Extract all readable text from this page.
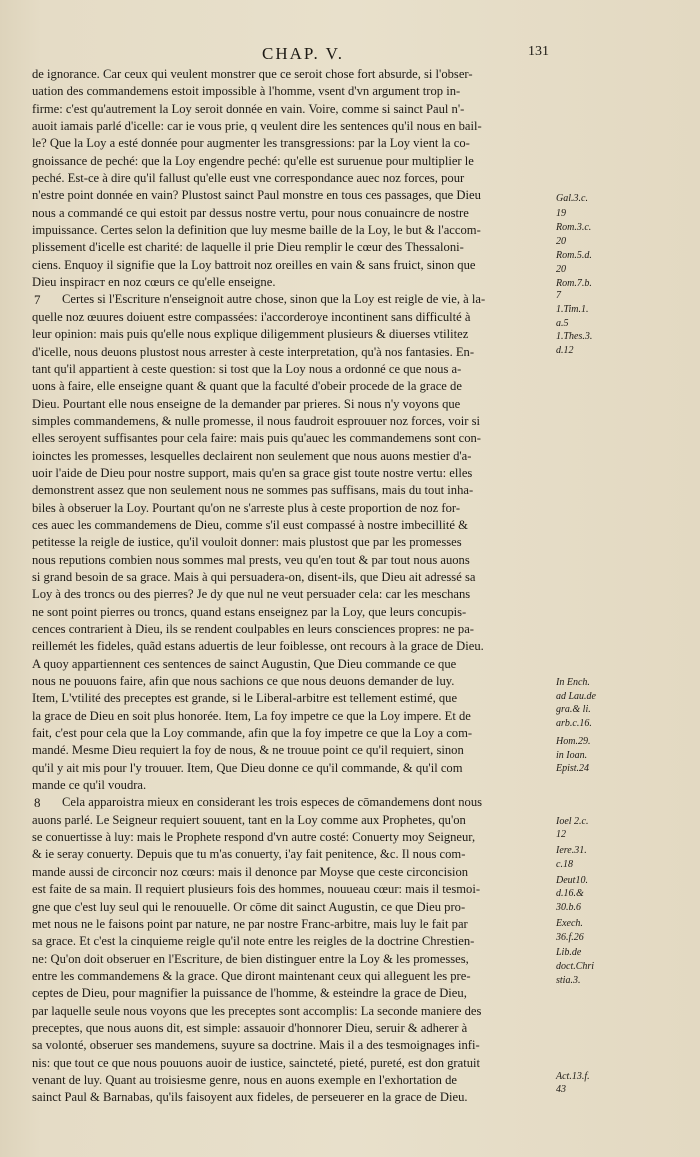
CHAP. V.	131
de ignorance. Car ceux qui veulent monstrer que ce seroit chose fort absurde, si l'obser-
uation des commandemens estoit impossible à l'homme, vsent d'vn argument trop in-
firme: c'est qu'autrement la Loy seroit donnée en vain. Voire, comme si sainct Paul n'-
auoit iamais parlé d'icelle: car ie vous prie, q veulent dire les sentences qu'il nous en bail-
le? Que la Loy a esté donnée pour augmenter les transgressions: par la Loy vient la co-
gnoissance de peché: que la Loy engendre peché: qu'elle est suruenue pour multiplier le
peché. Est-ce à dire qu'il fallust qu'elle eust vne correspondance auec noz forces, pour
n'estre point donnée en vain? Plustost sainct Paul monstre en tous ces passages, que Dieu
nous a commandé ce qui estoit par dessus nostre vertu, pour nous conuaincre de nostre
impuissance. Certes selon la definition que luy mesme baille de la Loy, le but & l'accom-
plissement d'icelle est charité: de laquelle il prie Dieu remplir le cœur des Thessaloni-
ciens. Enquoy il signifie que la Loy battroit noz oreilles en vain & sans fruict, sinon que
Dieu inspiraст en noz cœurs ce qu'elle enseigne.
Certes si l'Escriture n'enseignoit autre chose, sinon que la Loy est reigle de vie, à la-
quelle noz œuures doiuent estre compassées: i'accorderoye incontinent sans difficulté à
leur opinion: mais puis qu'elle nous explique diligemment plusieurs & diuerses vtilitez
d'icelle, nous deuons plustost nous arrester à ceste interpretation, qu'à nos fantasies. En-
tant qu'il appartient à ceste question: si tost que la Loy nous a ordonné ce que nous a-
uons à faire, elle enseigne quant & quant que la faculté d'obeir procede de la grace de
Dieu. Pourtant elle nous enseigne de la demander par prieres. Si nous n'y voyons que
simples commandemens, & nulle promesse, il nous faudroit esprouuer noz forces, voir si
elles seroyent suffisantes pour cela faire: mais puis qu'auec les commandemens sont con-
ioinctes les promesses, lesquelles declairent non seulement que nous auons mestier d'a-
uoir l'aide de Dieu pour nostre support, mais qu'en sa grace gist toute nostre vertu: elles
demonstrent assez que non seulement nous ne sommes pas suffisans, mais du tout inha-
biles à obseruer la Loy. Pourtant qu'on ne s'arreste plus à ceste proportion de noz for-
ces auec les commandemens de Dieu, comme s'il eust compassé à nostre imbecillité &
petitesse la reigle de iustice, qu'il vouloit donner: mais plustost que par les promesses
nous reputions combien nous sommes mal prests, veu qu'en tout & par tout nous auons
si grand besoin de sa grace. Mais à qui persuadera-on, disent-ils, que Dieu ait adressé sa
Loy à des troncs ou des pierres? Je dy que nul ne veut persuader cela: car les meschans
ne sont point pierres ou troncs, quand estans enseignez par la Loy, que leurs concupis-
cences contrarient à Dieu, ils se rendent coulpables en leurs consciences propres: ne pa-
reillemét les fideles, quãd estans aduertis de leur foiblesse, ont recours à la grace de Dieu.
A quoy appartiennent ces sentences de sainct Augustin, Que Dieu commande ce que
nous ne pouuons faire, afin que nous sachions ce que nous deuons demander de luy.
Item, L'vtilité des preceptes est grande, si le Liberal-arbitre est tellement estimé, que
la grace de Dieu en soit plus honorée. Item, La foy impetre ce que la Loy impere. Et de
fait, c'est pour cela que la Loy commande, afin que la foy impetre ce que la Loy a com-
mandé. Mesme Dieu requiert la foy de nous, & ne trouue point ce qu'il requiert, sinon
qu'il y ait mis pour l'y trouuer. Item, Que Dieu donne ce qu'il commande, & qu'il com
mande ce qu'il voudra.
Cela apparoistra mieux en considerant les trois especes de cōmandemens dont nous
auons parlé. Le Seigneur requiert souuent, tant en la Loy comme aux Prophetes, qu'on
se conuertisse à luy: mais le Prophete respond d'vn autre costé: Conuerty moy Seigneur,
& ie seray conuerty. Depuis que tu m'as conuerty, i'ay fait penitence, &c. Il nous com-
mande aussi de circoncir noz cœurs: mais il denonce par Moyse que ceste circoncision
est faite de sa main. Il requiert plusieurs fois des hommes, nouueau cœur: mais il tesmoi-
gne que c'est luy seul qui le renouuelle. Or cōme dit sainct Augustin, ce que Dieu pro-
met nous ne le faisons point par nature, ne par nostre Franc-arbitre, mais luy le fait par
sa grace. Et c'est la cinquieme reigle qu'il note entre les reigles de la doctrine Chrestien-
ne: Qu'on doit obseruer en l'Escriture, de bien distinguer entre la Loy & les promesses,
entre les commandemens & la grace. Que diront maintenant ceux qui alleguent les pre-
ceptes de Dieu, pour magnifier la puissance de l'homme, & esteindre la grace de Dieu,
par laquelle seule nous voyons que les preceptes sont accomplis: La seconde maniere des
preceptes, que nous auons dit, est simple: assauoir d'honnorer Dieu, seruir & adherer à
sa volonté, obseruer ses mandemens, suyure sa doctrine. Mais il a des tesmoignages infi-
nis: que tout ce que nous pouuons auoir de iustice, saincteté, pieté, pureté, est don gratuit
venant de luy. Quant au troisiesme genre, nous en auons exemple en l'exhortation de
sainct Paul & Barnabas, qu'ils faisoyent aux fideles, de perseuerer en la grace de Dieu.
Gal.3.c.
19
Rom.3.c.
20
Rom.5.d.
20
Rom.7.b.
7
1.Tim.1.
a.5
1.Thes.3.
d.12
In Ench.
ad Lau.de
gra.& li.
arb.c.16.
Hom.29.
in Ioan.
Epist.24
Ioel 2.c.
12
Iere.31.
c.18
Deut10.
d.16.&
30.b.6
Exech.
36.f.26
Lib.de
doct.Chri
stia.3.
Act.13.f.
43
7
8
